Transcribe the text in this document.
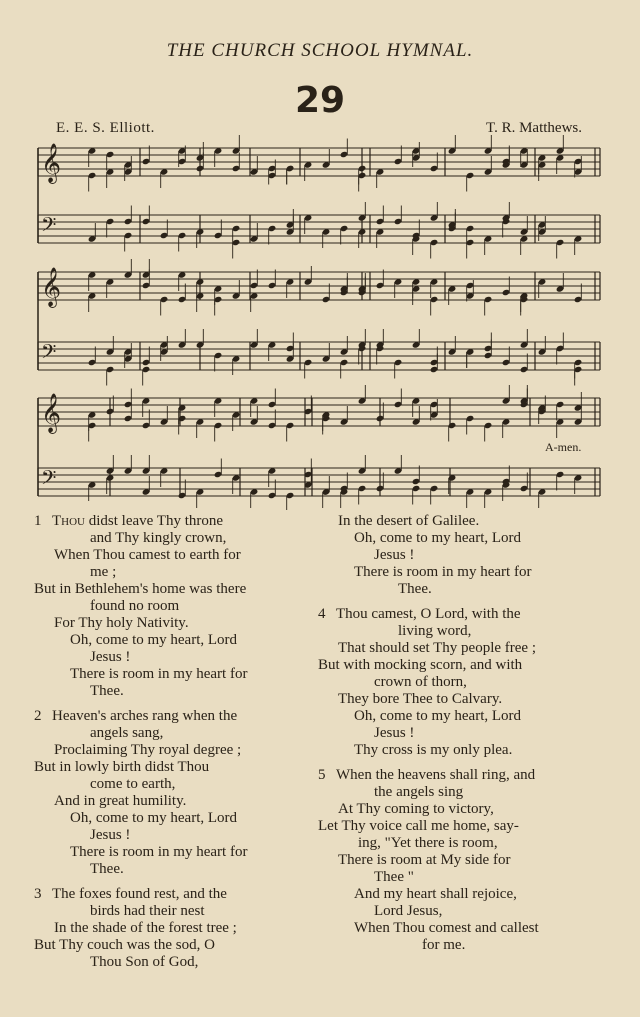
THE CHURCH SCHOOL HYMNAL.
29
E. E. S. Elliott.	T. R. Matthews.
𝄞
𝄢
𝄞
𝄢
𝄞
𝄢
A-men.
1 Thou didst leave Thy throne
and Thy kingly crown,
When Thou camest to earth for
me ;
But in Bethlehem's home was there
found no room
For Thy holy Nativity.
Oh, come to my heart, Lord
Jesus !
There is room in my heart for
Thee.
2 Heaven's arches rang when the
angels sang,
Proclaiming Thy royal degree ;
But in lowly birth didst Thou
come to earth,
And in great humility.
Oh, come to my heart, Lord
Jesus !
There is room in my heart for
Thee.
3 The foxes found rest, and the
birds had their nest
In the shade of the forest tree ;
But Thy couch was the sod, O
Thou Son of God,
In the desert of Galilee.
Oh, come to my heart, Lord
Jesus !
There is room in my heart for
Thee.
4 Thou camest, O Lord, with the
living word,
That should set Thy people free ;
But with mocking scorn, and with
crown of thorn,
They bore Thee to Calvary.
Oh, come to my heart, Lord
Jesus !
Thy cross is my only plea.
5 When the heavens shall ring, and
the angels sing
At Thy coming to victory,
Let Thy voice call me home, say-
ing, "Yet there is room,
There is room at My side for
Thee "
And my heart shall rejoice,
Lord Jesus,
When Thou comest and callest
for me.
